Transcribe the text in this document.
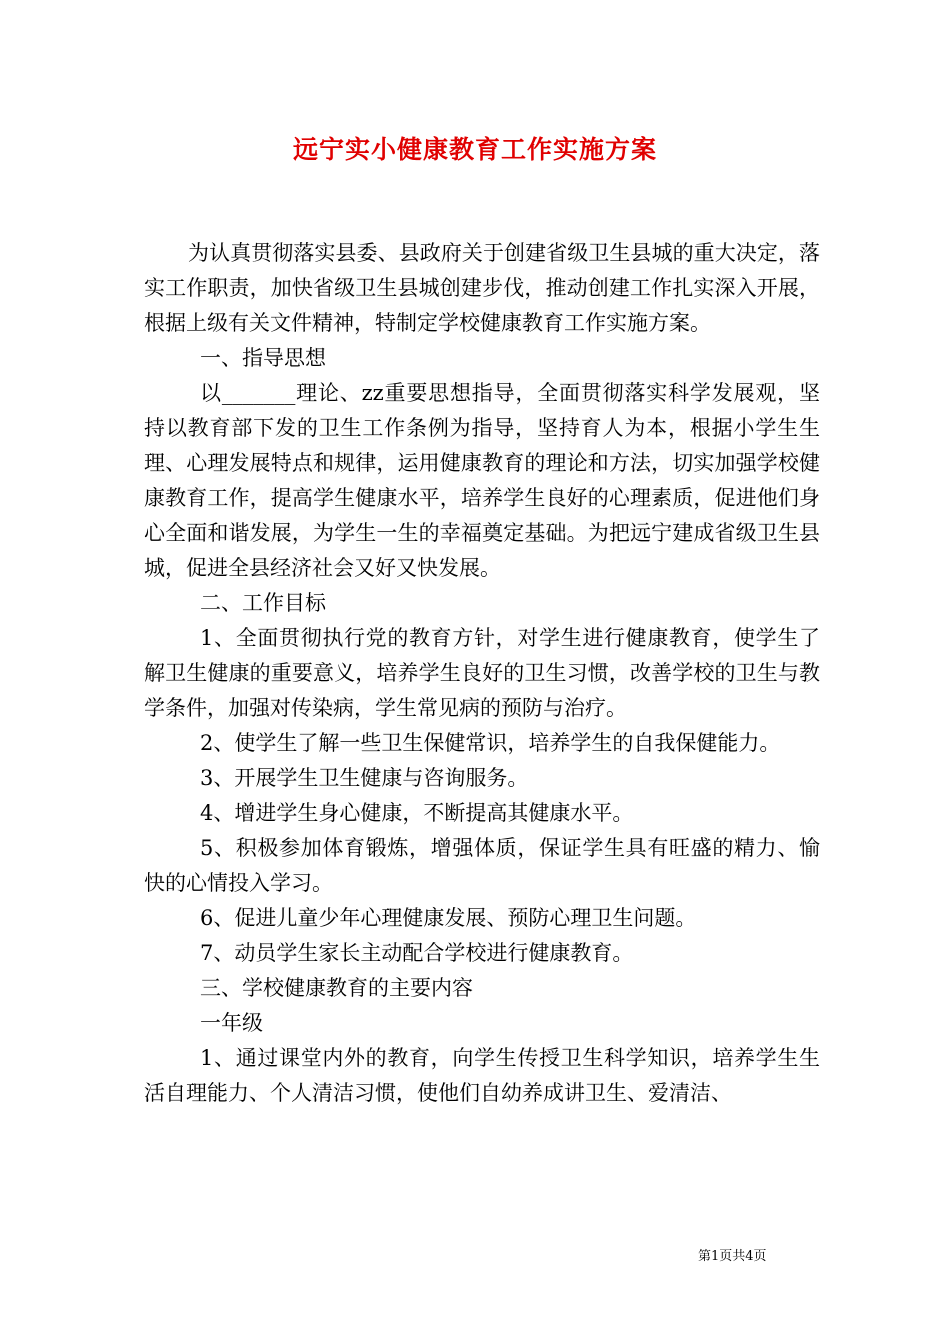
远宁实小健康教育工作实施方案

为认真贯彻落实县委、县政府关于创建省级卫生县城的重大决定，落实工作职责，加快省级卫生县城创建步伐，推动创建工作扎实深入开展，根据上级有关文件精神，特制定学校健康教育工作实施方案。

一、指导思想

以_______理论、zz重要思想指导，全面贯彻落实科学发展观，坚持以教育部下发的卫生工作条例为指导，坚持育人为本，根据小学生生理、心理发展特点和规律，运用健康教育的理论和方法，切实加强学校健康教育工作，提高学生健康水平，培养学生良好的心理素质，促进他们身心全面和谐发展，为学生一生的幸福奠定基础。为把远宁建成省级卫生县城，促进全县经济社会又好又快发展。

二、工作目标

1、全面贯彻执行党的教育方针，对学生进行健康教育，使学生了解卫生健康的重要意义，培养学生良好的卫生习惯，改善学校的卫生与教学条件，加强对传染病，学生常见病的预防与治疗。

2、使学生了解一些卫生保健常识，培养学生的自我保健能力。

3、开展学生卫生健康与咨询服务。

4、增进学生身心健康，不断提高其健康水平。

5、积极参加体育锻炼，增强体质，保证学生具有旺盛的精力、愉快的心情投入学习。

6、促进儿童少年心理健康发展、预防心理卫生问题。

7、动员学生家长主动配合学校进行健康教育。

三、学校健康教育的主要内容

一年级

1、通过课堂内外的教育，向学生传授卫生科学知识，培养学生生活自理能力、个人清洁习惯，使他们自幼养成讲卫生、爱清洁、

第1页共4页
